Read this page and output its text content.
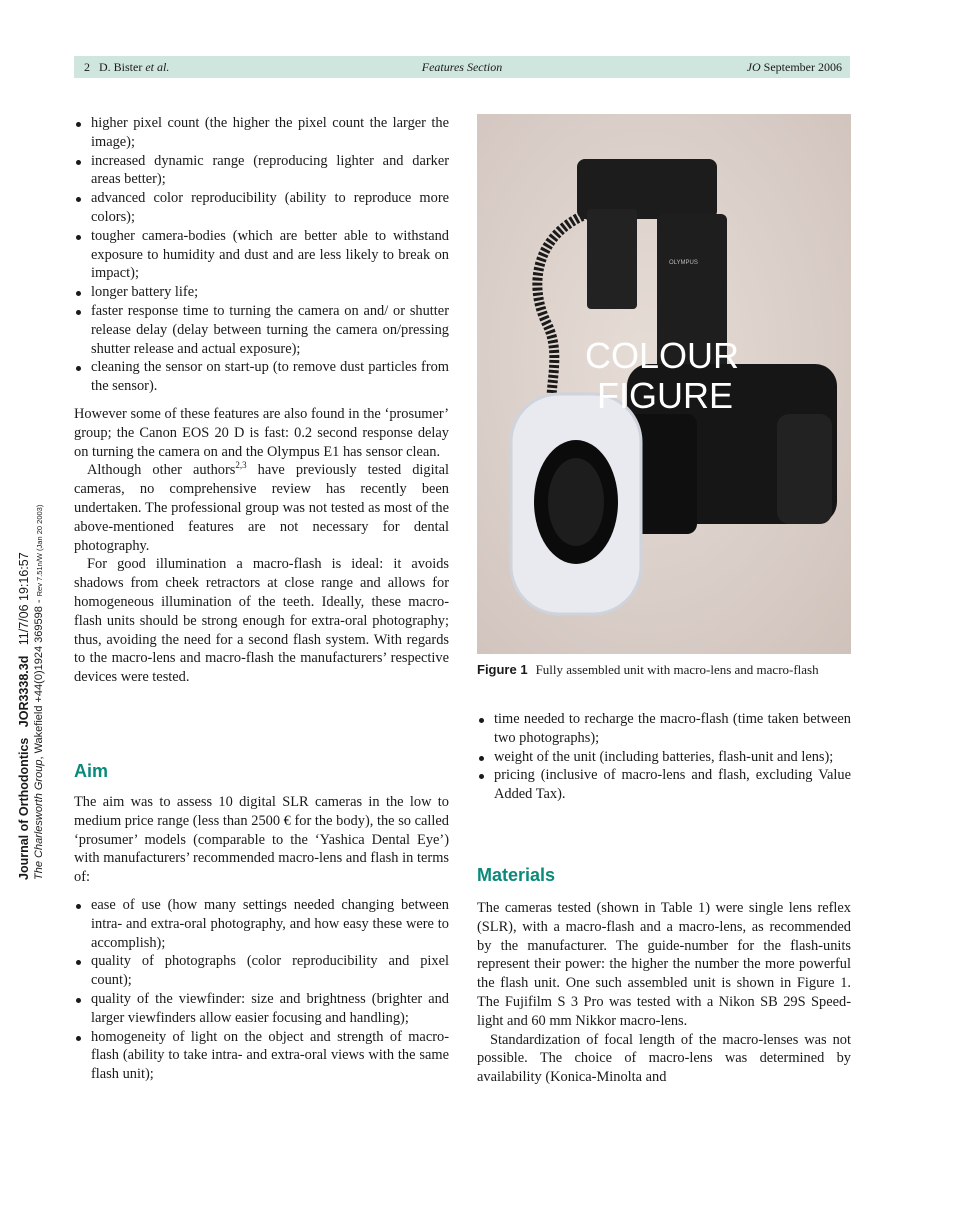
2 D. Bister et al.	Features Section	JO September 2006
Journal of Orthodontics   JOR3338.3d   11/7/06 19:16:57
The Charlesworth Group, Wakefield +44(0)1924 369598 - Rev 7.51n/W (Jan 20 2003)
higher pixel count (the higher the pixel count the larger the image);
increased dynamic range (reproducing lighter and darker areas better);
advanced color reproducibility (ability to reproduce more colors);
tougher camera-bodies (which are better able to withstand exposure to humidity and dust and are less likely to break on impact);
longer battery life;
faster response time to turning the camera on and/ or shutter release delay (delay between turning the camera on/pressing shutter release and actual exposure);
cleaning the sensor on start-up (to remove dust particles from the sensor).

However some of these features are also found in the ‘prosumer’ group; the Canon EOS 20 D is fast: 0.2 second response delay on turning the camera on and the Olympus E1 has sensor clean.

Although other authors$^{2,3}$ have previously tested digital cameras, no comprehensive review has recently been undertaken. The professional group was not tested as most of the above-mentioned features are not necessary for dental photography.

For good illumination a macro-flash is ideal: it avoids shadows from cheek retractors at close range and allows for homogeneous illumination of the teeth. Ideally, these macro-flash units should be strong enough for extra-oral photography; thus, avoiding the need for a second flash system. With regards to the macro-lens and macro-flash the manufacturers’ respective devices were tested.

Aim

The aim was to assess 10 digital SLR cameras in the low to medium price range (less than 2500 € for the body), the so called ‘prosumer’ models (comparable to the ‘Yashica Dental Eye’) with manufacturers’ recommended macro-lens and flash in terms of:

ease of use (how many settings needed changing between intra- and extra-oral photography, and how easy these were to accomplish);
quality of photographs (color reproducibility and pixel count);
quality of the viewfinder: size and brightness (brighter and larger viewfinders allow easier focusing and handling);
homogeneity of light on the object and strength of macro-flash (ability to take intra- and extra-oral views with the same flash unit);
OLYMPUS
COLOUR
FIGURE
Figure 1 Fully assembled unit with macro-lens and macro-flash
time needed to recharge the macro-flash (time taken between two photographs);
weight of the unit (including batteries, flash-unit and lens);
pricing (inclusive of macro-lens and flash, excluding Value Added Tax).
Materials

The cameras tested (shown in Table 1) were single lens reflex (SLR), with a macro-flash and a macro-lens, as recommended by the manufacturer. The guide-number for the flash-units represent their power: the higher the number the more powerful the flash unit. One such assembled unit is shown in Figure 1. The Fujifilm S 3 Pro was tested with a Nikon SB 29S Speed-light and 60 mm Nikkor macro-lens.

Standardization of focal length of the macro-lenses was not possible. The choice of macro-lens was determined by availability (Konica-Minolta and
